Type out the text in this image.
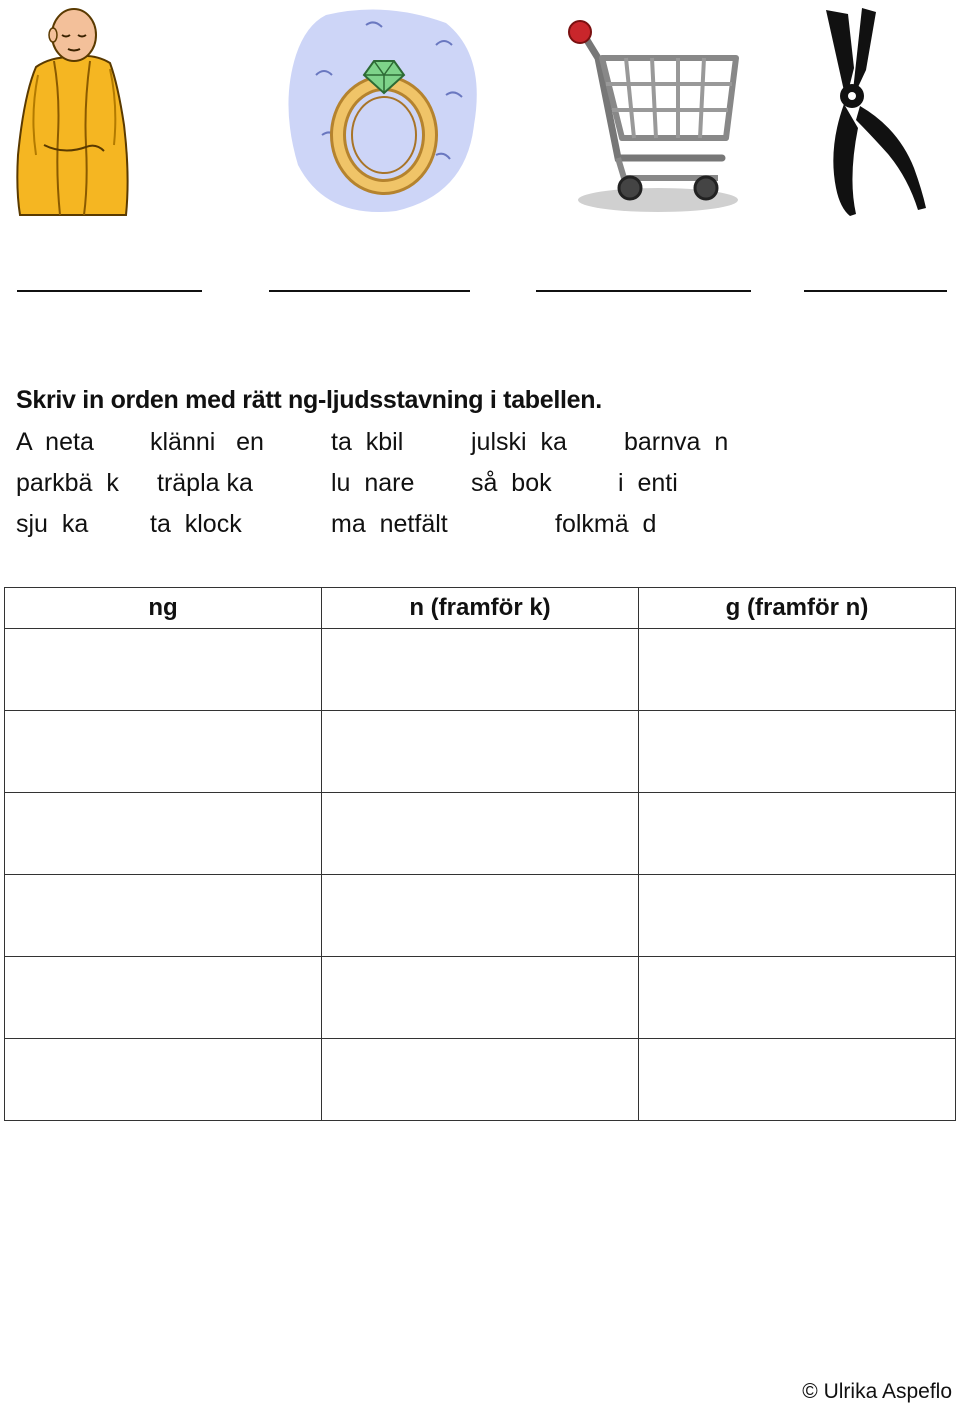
Skriv in orden med rätt ng-ljudsstavning i tabellen.
A  neta klänni   en	ta  kbil	julski  ka barnva  n
parkbä  k träpla ka	lu  nare så  bok	i  enti
sju  ka ta  klock	ma  netfält	folkmä  d
ng	n (framför k)	g (framför n)

© Ulrika Aspeflo
